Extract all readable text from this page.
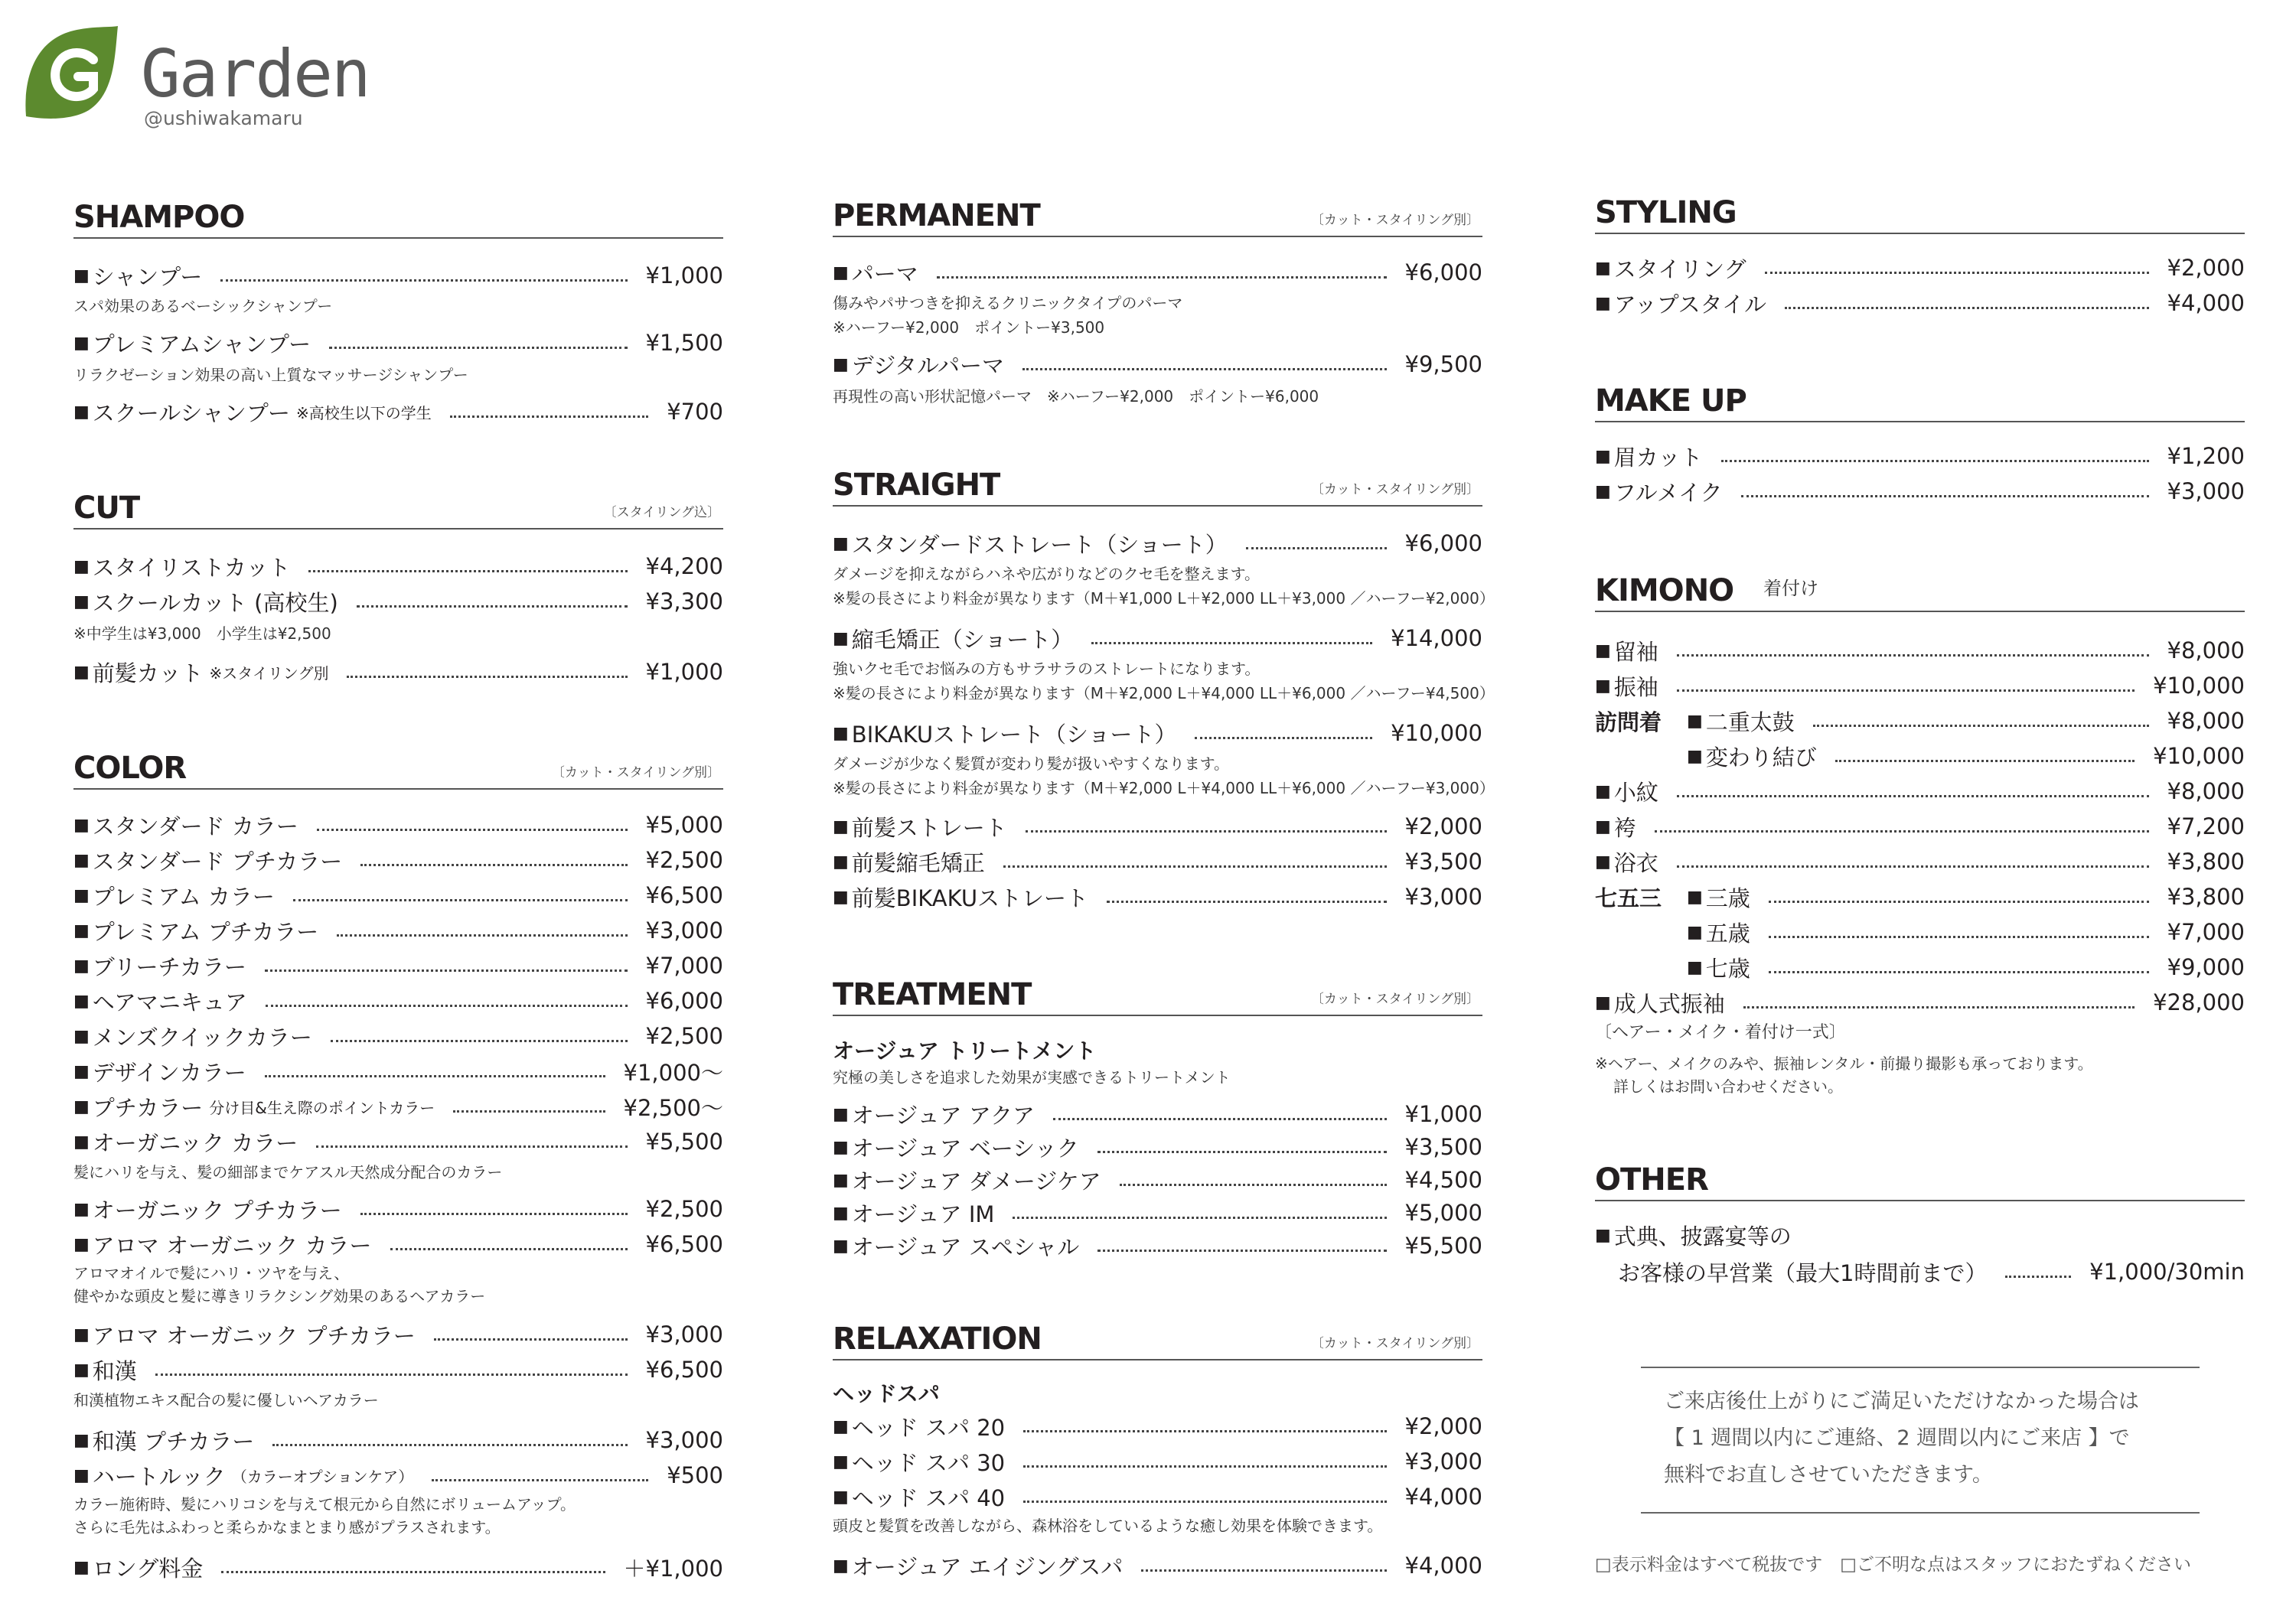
Garden
@ushiwakamaru
SHAMPOO
■ シャンプー	¥1,000
スパ効果のあるベーシックシャンプー
■ プレミアムシャンプー	¥1,500
リラクゼーション効果の高い上質なマッサージシャンプー
■ スクールシャンプー ※高校生以下の学生	¥700
CUT	〔スタイリング込〕
■ スタイリストカット	¥4,200
■ スクールカット (高校生)	¥3,300
※中学生は¥3,000　小学生は¥2,500
■ 前髪カット ※スタイリング別	¥1,000
COLOR	〔カット・スタイリング別〕
■ スタンダード カラー	¥5,000
■ スタンダード プチカラー	¥2,500
■ プレミアム カラー	¥6,500
■ プレミアム プチカラー	¥3,000
■ ブリーチカラー	¥7,000
■ ヘアマニキュア	¥6,000
■ メンズクイックカラー	¥2,500
■ デザインカラー	¥1,000～
■ プチカラー 分け目&生え際のポイントカラー	¥2,500～
■ オーガニック カラー	¥5,500
髪にハリを与え、髪の細部までケアスル天然成分配合のカラー
■ オーガニック プチカラー	¥2,500
■ アロマ オーガニック カラー	¥6,500
アロマオイルで髪にハリ・ツヤを与え、
健やかな頭皮と髪に導きリラクシング効果のあるヘアカラー
■ アロマ オーガニック プチカラー	¥3,000
■ 和漢	¥6,500
和漢植物エキス配合の髪に優しいヘアカラー
■ 和漢 プチカラー	¥3,000
■ ハートルック （カラーオプションケア）	¥500
カラー施術時、髪にハリコシを与えて根元から自然にボリュームアップ。
さらに毛先はふわっと柔らかなまとまり感がプラスされます。
■ ロング料金	＋¥1,000
PERMANENT	〔カット・スタイリング別〕
■ パーマ	¥6,000
傷みやパサつきを抑えるクリニックタイプのパーマ
※ハーフー¥2,000　ポイントー¥3,500
■ デジタルパーマ	¥9,500
再現性の高い形状記憶パーマ　※ハーフー¥2,000　ポイントー¥6,000
STRAIGHT	〔カット・スタイリング別〕
■ スタンダードストレート（ショート）	¥6,000
ダメージを抑えながらハネや広がりなどのクセ毛を整えます。
※髪の長さにより料金が異なります（M＋¥1,000 L＋¥2,000 LL＋¥3,000 ／ハーフー¥2,000）
■ 縮毛矯正（ショート）	¥14,000
強いクセ毛でお悩みの方もサラサラのストレートになります。
※髪の長さにより料金が異なります（M＋¥2,000 L＋¥4,000 LL＋¥6,000 ／ハーフー¥4,500）
■ BIKAKUストレート（ショート）	¥10,000
ダメージが少なく髪質が変わり髪が扱いやすくなります。
※髪の長さにより料金が異なります（M＋¥2,000 L＋¥4,000 LL＋¥6,000 ／ハーフー¥3,000）
■ 前髪ストレート	¥2,000
■ 前髪縮毛矯正	¥3,500
■ 前髪BIKAKUストレート	¥3,000
TREATMENT	〔カット・スタイリング別〕
オージュア トリートメント
究極の美しさを追求した効果が実感できるトリートメント
■ オージュア アクア	¥1,000
■ オージュア ベーシック	¥3,500
■ オージュア ダメージケア	¥4,500
■ オージュア IM	¥5,000
■ オージュア スペシャル	¥5,500
RELAXATION	〔カット・スタイリング別〕
ヘッドスパ
■ ヘッド スパ 20	¥2,000
■ ヘッド スパ 30	¥3,000
■ ヘッド スパ 40	¥4,000
頭皮と髪質を改善しながら、森林浴をしているような癒し効果を体験できます。
■ オージュア エイジングスパ	¥4,000
STYLING
■ スタイリング	¥2,000
■ アップスタイル	¥4,000
MAKE UP
■ 眉カット	¥1,200
■ フルメイク	¥3,000
KIMONO 着付け
■ 留袖	¥8,000
■ 振袖	¥10,000
訪問着	■ 二重太鼓	¥8,000
■ 変わり結び	¥10,000
■ 小紋	¥8,000
■ 袴	¥7,200
■ 浴衣	¥3,800
七五三	■ 三歳	¥3,800
■ 五歳	¥7,000
■ 七歳	¥9,000
■ 成人式振袖	¥28,000
〔ヘアー・メイク・着付け一式〕
※ヘアー、メイクのみや、振袖レンタル・前撮り撮影も承っております。
詳しくはお問い合わせください。
OTHER
■ 式典、披露宴等の
お客様の早営業（最大1時間前まで）	¥1,000/30min
ご来店後仕上がりにご満足いただけなかった場合は
【 1 週間以内にご連絡、2 週間以内にご来店 】で
無料でお直しさせていただきます。
□表示料金はすべて税抜です　□ご不明な点はスタッフにおたずねください
